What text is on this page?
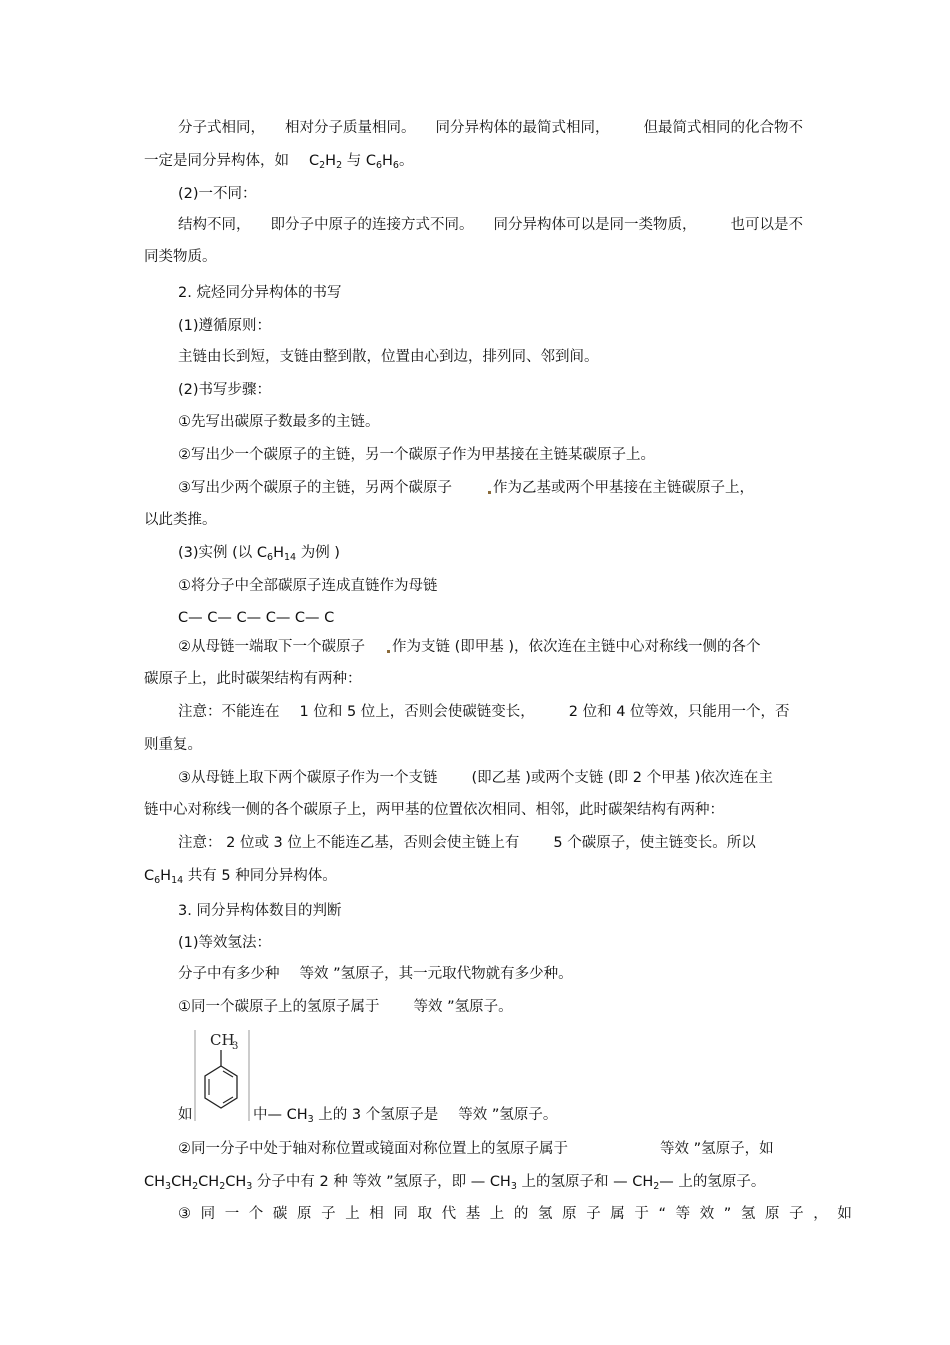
分子式相同， 相对分子质量相同。 同分异构体的最简式相同， 但最简式相同的化合物不
一定是同分异构体，如 $C_2H_2$ 与 $C_6H_6$。
(2)一不同：
结构不同， 即分子中原子的连接方式不同。 同分异构体可以是同一类物质， 也可以是不
同类物质。
2. 烷烃同分异构体的书写
(1)遵循原则：
主链由长到短，支链由整到散，位置由心到边，排列同、邻到间。
(2)书写步骤：
①先写出碳原子数最多的主链。
②写出少一个碳原子的主链，另一个碳原子作为甲基接在主链某碳原子上。
③写出少两个碳原子的主链，另两个碳原子	作为乙基或两个甲基接在主链碳原子上，
以此类推。
(3)实例 (以 $C_6H_{14}$ 为例 )
①将分子中全部碳原子连成直链作为母链
C— C— C— C— C— C
②从母链一端取下一个碳原子 作为支链 (即甲基 )，依次连在主链中心对称线一侧的各个
碳原子上，此时碳架结构有两种：
注意：不能连在 1 位和 5 位上，否则会使碳链变长， 2 位和 4 位等效，只能用一个，否
则重复。
③从母链上取下两个碳原子作为一个支链 (即乙基 )或两个支链 (即 2 个甲基 )依次连在主
链中心对称线一侧的各个碳原子上，两甲基的位置依次相同、相邻，此时碳架结构有两种：
注意： 2 位或 3 位上不能连乙基，否则会使主链上有 5 个碳原子，使主链变长。所以
$C_6H_{14}$ 共有 5 种同分异构体。
3. 同分异构体数目的判断
(1)等效氢法：
分子中有多少种 等效 ”氢原子，其一元取代物就有多少种。
①同一个碳原子上的氢原子属于 等效 ”氢原子。
CH
3
如	中— $CH_3$ 上的 3 个氢原子是 等效 ”氢原子。
②同一分子中处于轴对称位置或镜面对称位置上的氢原子属于	等效 ”氢原子，如
$CH_3CH_2CH_2CH_3$ 分子中有 2 种 等效 ”氢原子，即 — $CH_3$ 上的氢原子和 — $CH_2—$ 上的氢原子。
③同一个碳原子上相同取代基上的氢原子属于“等效”氢原子，如
